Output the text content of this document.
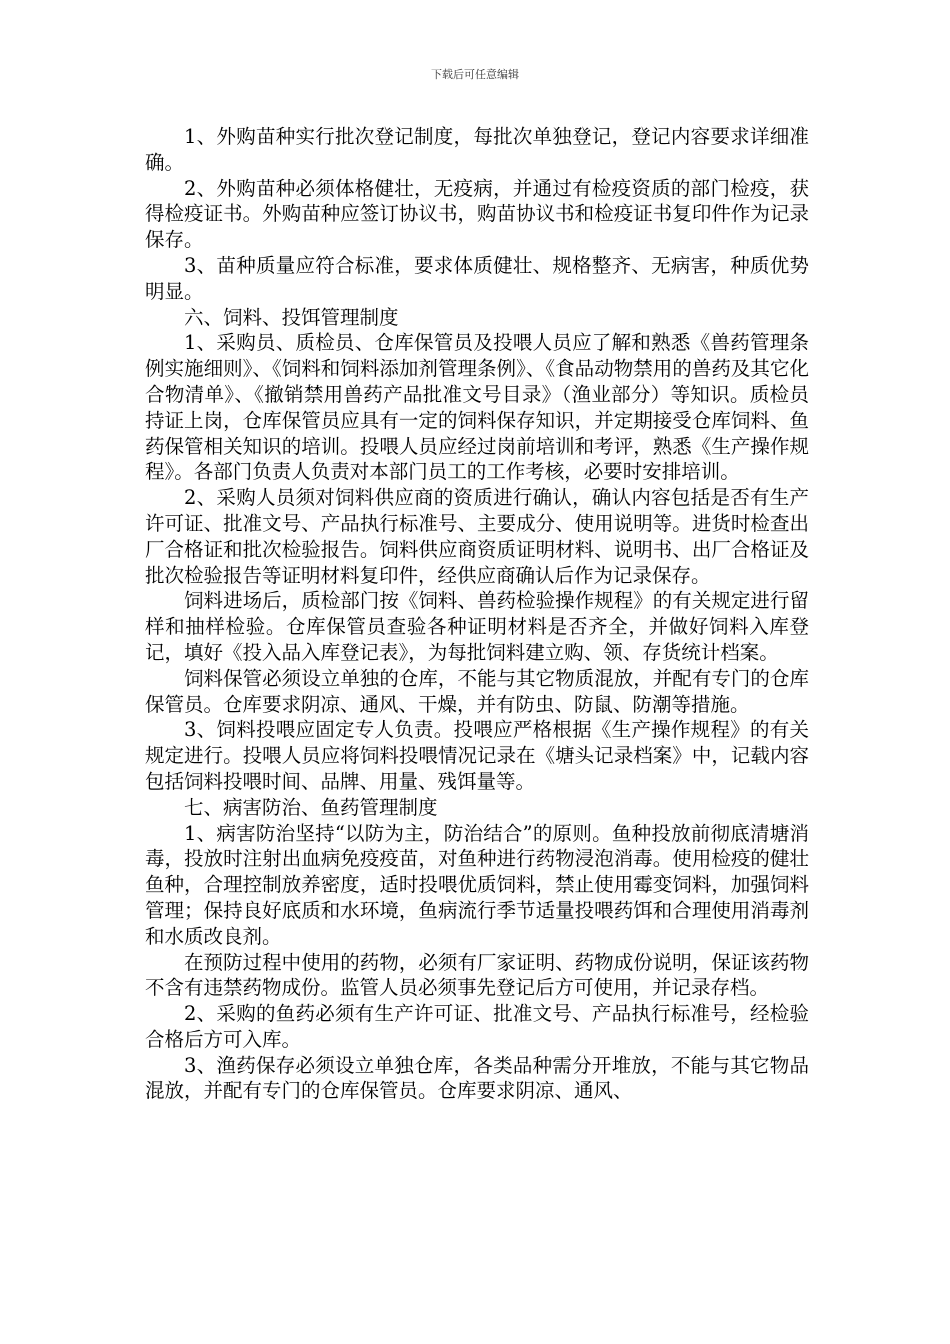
下载后可任意编辑

1、外购苗种实行批次登记制度，每批次单独登记，登记内容要求详细准确。

2、外购苗种必须体格健壮，无疫病，并通过有检疫资质的部门检疫，获得检疫证书。外购苗种应签订协议书，购苗协议书和检疫证书复印件作为记录保存。

3、苗种质量应符合标准，要求体质健壮、规格整齐、无病害，种质优势明显。

六、饲料、投饵管理制度

1、采购员、质检员、仓库保管员及投喂人员应了解和熟悉《兽药管理条例实施细则》、《饲料和饲料添加剂管理条例》、《食品动物禁用的兽药及其它化合物清单》、《撤销禁用兽药产品批准文号目录》（渔业部分）等知识。质检员持证上岗，仓库保管员应具有一定的饲料保存知识，并定期接受仓库饲料、鱼药保管相关知识的培训。投喂人员应经过岗前培训和考评，熟悉《生产操作规程》。各部门负责人负责对本部门员工的工作考核，必要时安排培训。

2、采购人员须对饲料供应商的资质进行确认，确认内容包括是否有生产许可证、批准文号、产品执行标准号、主要成分、使用说明等。进货时检查出厂合格证和批次检验报告。饲料供应商资质证明材料、说明书、出厂合格证及批次检验报告等证明材料复印件，经供应商确认后作为记录保存。

饲料进场后，质检部门按《饲料、兽药检验操作规程》的有关规定进行留样和抽样检验。仓库保管员查验各种证明材料是否齐全，并做好饲料入库登记，填好《投入品入库登记表》，为每批饲料建立购、领、存货统计档案。

饲料保管必须设立单独的仓库，不能与其它物质混放，并配有专门的仓库保管员。仓库要求阴凉、通风、干燥，并有防虫、防鼠、防潮等措施。

3、饲料投喂应固定专人负责。投喂应严格根据《生产操作规程》的有关规定进行。投喂人员应将饲料投喂情况记录在《塘头记录档案》中，记载内容包括饲料投喂时间、品牌、用量、残饵量等。

七、病害防治、鱼药管理制度

1、病害防治坚持“以防为主，防治结合”的原则。鱼种投放前彻底清塘消毒，投放时注射出血病免疫疫苗，对鱼种进行药物浸泡消毒。使用检疫的健壮鱼种，合理控制放养密度，适时投喂优质饲料，禁止使用霉变饲料，加强饲料管理；保持良好底质和水环境，鱼病流行季节适量投喂药饵和合理使用消毒剂和水质改良剂。

在预防过程中使用的药物，必须有厂家证明、药物成份说明，保证该药物不含有违禁药物成份。监管人员必须事先登记后方可使用，并记录存档。

2、采购的鱼药必须有生产许可证、批准文号、产品执行标准号，经检验合格后方可入库。

3、渔药保存必须设立单独仓库，各类品种需分开堆放，不能与其它物品混放，并配有专门的仓库保管员。仓库要求阴凉、通风、
